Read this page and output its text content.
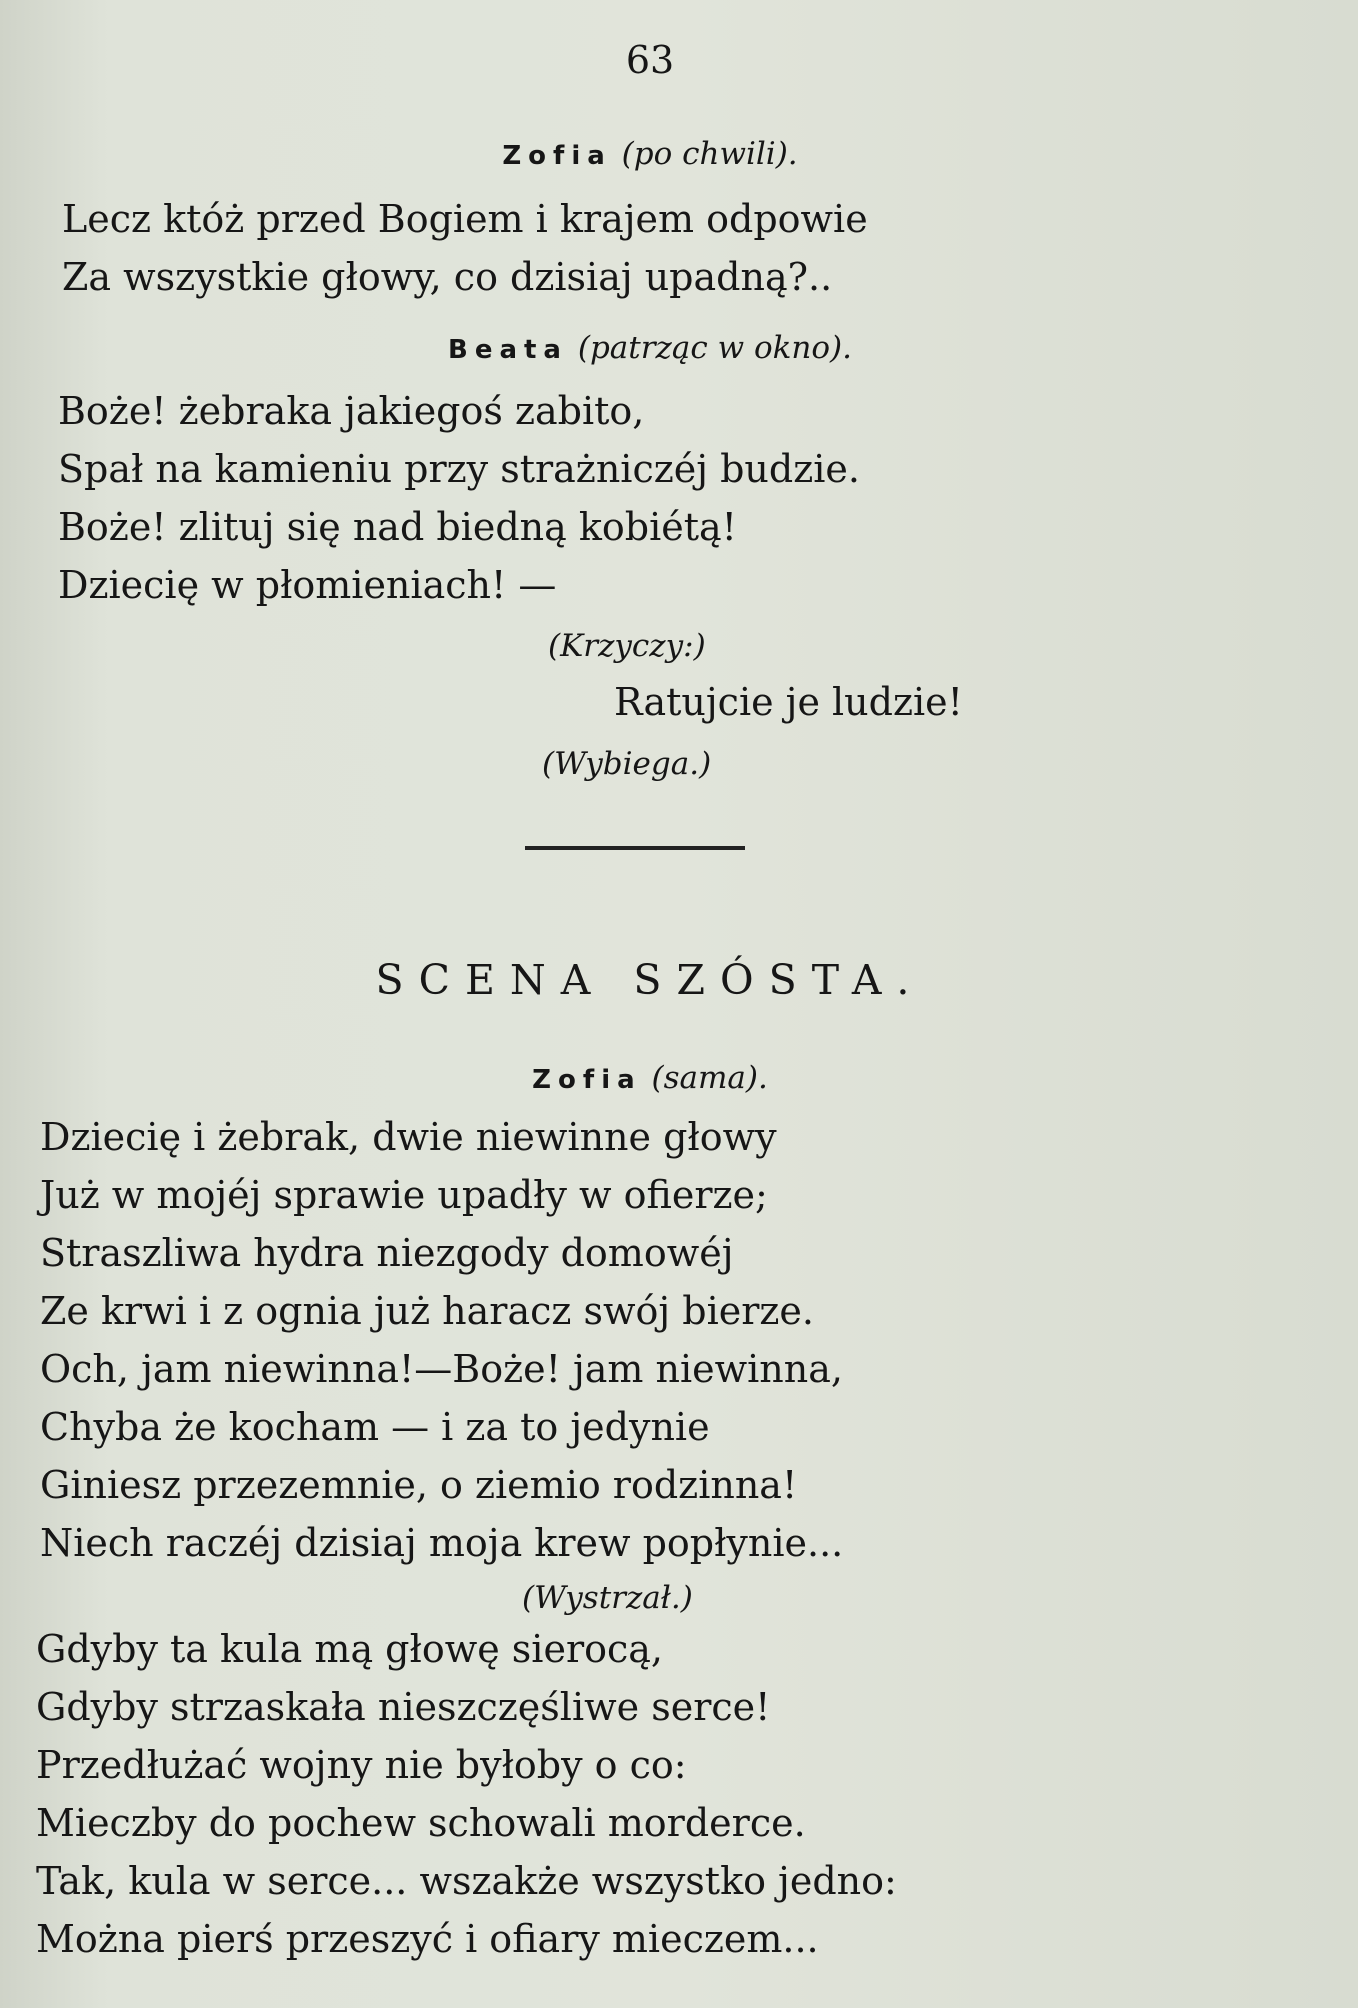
63
Zofia (po chwili).
Lecz któż przed Bogiem i krajem odpowie
Za wszystkie głowy, co dzisiaj upadną?..
Beata (patrząc w okno).
Boże! żebraka jakiegoś zabito,
Spał na kamieniu przy strażniczéj budzie.
Boże! zlituj się nad biedną kobiétą!
Dziecię w płomieniach! —
(Krzyczy:)
Ratujcie je ludzie!
(Wybiega.)
SCENA SZÓSTA.
Zofia (sama).
Dziecię i żebrak, dwie niewinne głowy
Już w mojéj sprawie upadły w ofierze;
Straszliwa hydra niezgody domowéj
Ze krwi i z ognia już haracz swój bierze.
Och, jam niewinna!—Boże! jam niewinna,
Chyba że kocham — i za to jedynie
Giniesz przezemnie, o ziemio rodzinna!
Niech raczéj dzisiaj moja krew popłynie...
(Wystrzał.)
Gdyby ta kula mą głowę sierocą,
Gdyby strzaskała nieszczęśliwe serce!
Przedłużać wojny nie byłoby o co:
Mieczby do pochew schowali morderce.
Tak, kula w serce... wszakże wszystko jedno:
Można pierś przeszyć i ofiary mieczem...
